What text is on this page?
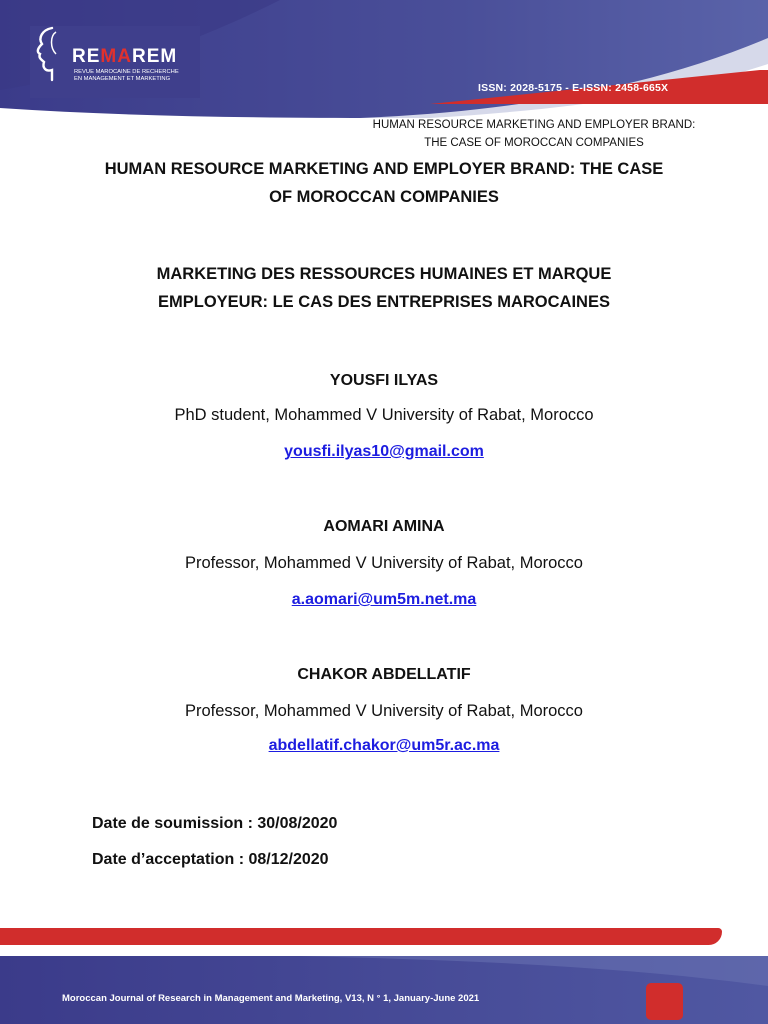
REMAREM
REVUE MAROCAINE DE RECHERCHE
EN MANAGEMENT ET MARKETING
ISSN: 2028-5175 - E-ISSN: 2458-665X
HUMAN RESOURCE MARKETING AND EMPLOYER BRAND:
THE CASE OF MOROCCAN COMPANIES
HUMAN RESOURCE MARKETING AND EMPLOYER BRAND: THE CASE
OF MOROCCAN COMPANIES
MARKETING DES RESSOURCES HUMAINES ET MARQUE
EMPLOYEUR: LE CAS DES ENTREPRISES MAROCAINES
YOUSFI ILYAS
PhD student, Mohammed V University of Rabat, Morocco
yousfi.ilyas10@gmail.com
AOMARI AMINA
Professor, Mohammed V University of Rabat, Morocco
a.aomari@um5m.net.ma
CHAKOR ABDELLATIF
Professor, Mohammed V University of Rabat, Morocco
abdellatif.chakor@um5r.ac.ma
Date de soumission : 30/08/2020
Date d’acceptation : 08/12/2020
Moroccan Journal of Research in Management and Marketing, V13, N ° 1, January-June 2021
